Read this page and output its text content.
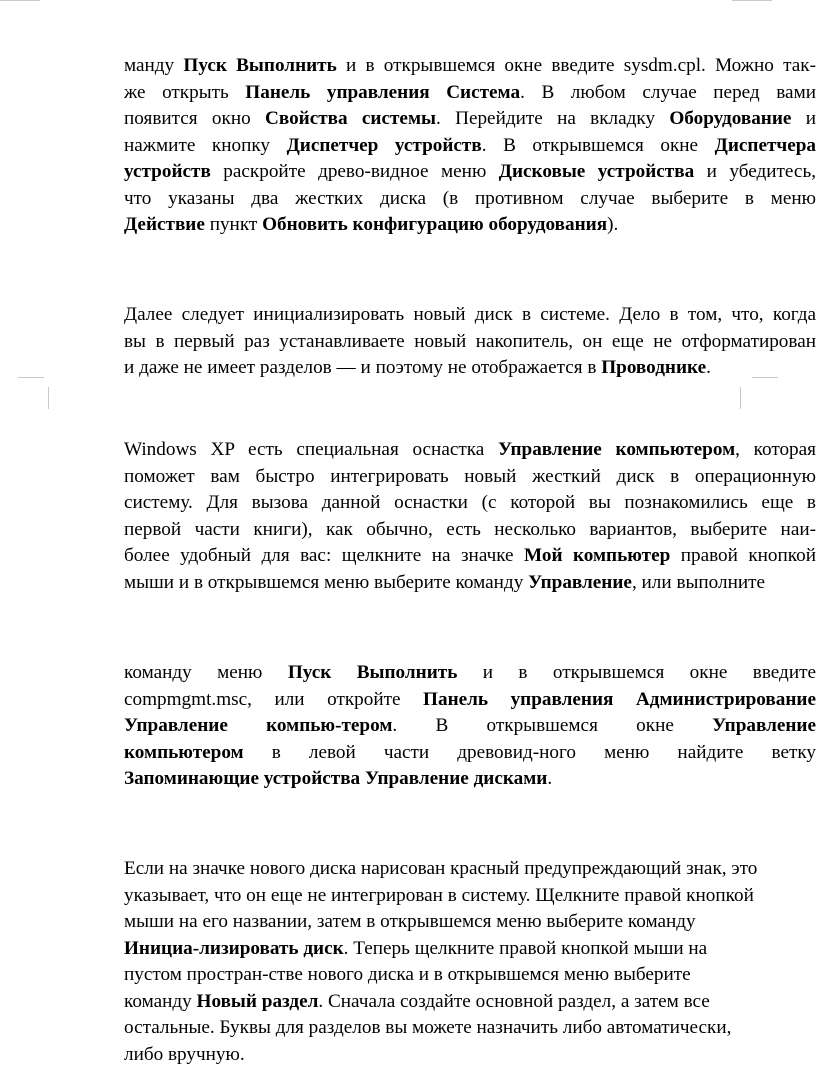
манду Пуск Выполнить и в открывшемся окне введите sysdm.cpl. Можно так-
же открыть Панель управления Система. В любом случае перед вами
появится окно Свойства системы. Перейдите на вкладку Оборудование и
нажмите кнопку Диспетчер устройств. В открывшемся окне Диспетчера
устройств раскройте древо-видное меню Дисковые устройства и убедитесь,
что указаны два жестких диска (в противном случае выберите в меню
Действие пункт Обновить конфигурацию оборудования).
Далее следует инициализировать новый диск в системе. Дело в том, что, когда
вы в первый раз устанавливаете новый накопитель, он еще не отформатирован
и даже не имеет разделов — и поэтому не отображается в Проводнике.
Windows XP есть специальная оснастка Управление компьютером, которая
поможет вам быстро интегрировать новый жесткий диск в операционную
систему. Для вызова данной оснастки (с которой вы познакомились еще в
первой части книги), как обычно, есть несколько вариантов, выберите наи-
более удобный для вас: щелкните на значке Мой компьютер правой кнопкой
мыши и в открывшемся меню выберите команду Управление, или выполните
команду меню Пуск Выполнить и в открывшемся окне введите
compmgmt.msc, или откройте Панель управления Администрирование
Управление компью-тером. В открывшемся окне Управление
компьютером в левой части древовид-ного меню найдите ветку
Запоминающие устройства Управление дисками.
Если на значке нового диска нарисован красный предупреждающий знак, это
указывает, что он еще не интегрирован в систему. Щелкните правой кнопкой
мыши на его названии, затем в открывшемся меню выберите команду
Инициа-лизировать диск. Теперь щелкните правой кнопкой мыши на
пустом простран-стве нового диска и в открывшемся меню выберите
команду Новый раздел. Сначала создайте основной раздел, а затем все
остальные. Буквы для разделов вы можете назначить либо автоматически,
либо вручную.
